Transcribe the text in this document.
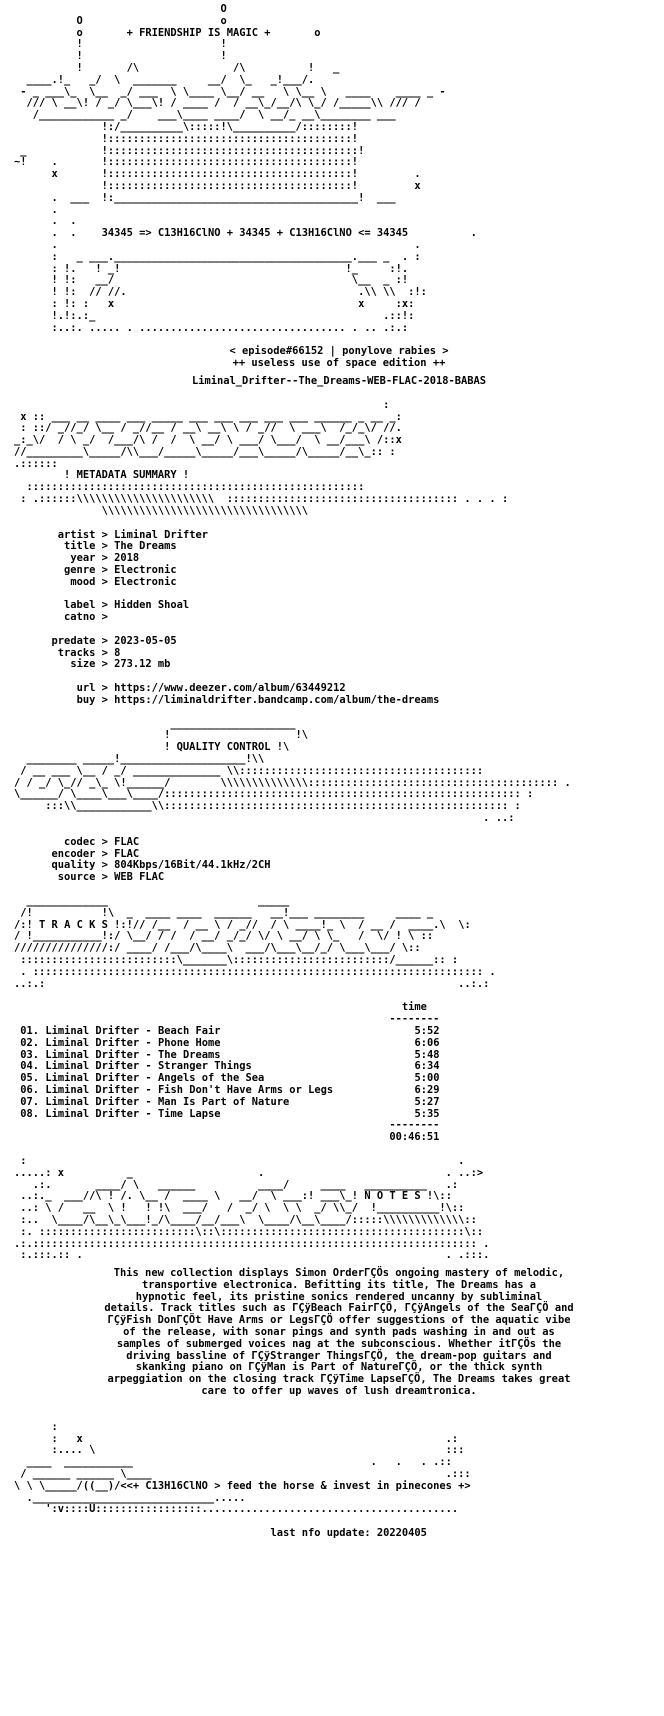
O
O                      o
o       + FRIENDSHIP IS MAGIC +       o
!                      !
!                      !
!       /\               /\          !   _
____.!_   _/  \  _______     __/  \_   _!___/.
- _ ___\_  \__  _/ ___  \ \____ \__/ __   \ \__ \   ____    ____ _ -
/// \ __\! / _/ \___\! / ____ /  / __\_/__/\ \_/ /_____\\ /// /
/____________ _/    ___\____ ____/  \ __/_ __\________ ___
!:/__________\:::::!\__________/::::::::!
!:::::::::::::::::::::::::::::::::::::::!
_            !::::::::::::::::::::::::::::::::::::::::!
~!    .       !:::::::::::::::::::::::::::::::::::::::!
x       !:::::::::::::::::::::::::::::::::::::::!         .
!:::::::::::::::::::::::::::::::::::::::!         x
.  ___  !:_______________________________________!  ___
.
.  .
.  .    34345 => C13H16ClNO + 34345 + C13H16ClNO <= 34345          .
.                                                         .
:   _ ___.______________________________________.___ _  . :
: !.   ! _!                                    !_     :!.
! !:   __/                                      \__  _ :!
! !:  // //.                                     .\\ \\  :!:
: !: :   x                                       x     :x:
!.!:.:_                                              .::!:
:..:. ..... . ................................. . .. .:.:
< episode#66152 | ponylove rabies >
++ useless use of space edition ++
Liminal_Drifter--The_Dreams-WEB-FLAC-2018-BABAS
:
x :: ___ __ ____ ___ _____ ___ ___ ___ ___ ___ ______ _ __ _:
: ::/ _//_/ \__ / _//__ / __\ __\ \ / _//  \ ___\  /_/_\/ //.
_:_\/  / \ _/  /___/\ /  /  \ __/ \ ___/ \___/  \ __/___\ /::x
//_________\_____/\\___/_____\_____/___\_____/\_____/__\_:: :
.::::::
! METADATA SUMMARY !
::::::::::::::::::::::::::::::::::::::::::::::::::::::
: .::::::\\\\\\\\\\\\\\\\\\\\\\  ::::::::::::::::::::::::::::::::::::: . . . :
\\\\\\\\\\\\\\\\\\\\\\\\\\\\\\\\\
artist > Liminal Drifter
title > The Dreams
year > 2018
genre > Electronic
mood > Electronic

label > Hidden Shoal
catno >

predate > 2023-05-05
tracks > 8
size > 273.12 mb

url > https://www.deezer.com/album/63449212
buy > https://liminaldrifter.bandcamp.com/album/the-dreams
____________________
!                    !\
! QUALITY CONTROL !\
________ _____!____________________!\\
/ __ ___ \__ / _/ ______________ \\:::::::::::::::::::::::::::::::::::::::
/ / _/ \_// _\_ \!______/        \\\\\\\\\\\\\\:::::::::::::::::::::::::::::::::::::::: .
\______/ \____\___\____/::::::::::::::::::::::::::::::::::::::::::::::::::::::::: :
:::\\____________\\::::::::::::::::::::::::::::::::::::::::::::::::::::::: :
. ..:
codec > FLAC
encoder > FLAC
quality > 804Kbps/16Bit/44.1kHz/2CH
source > WEB FLAC
_____________                        _____
/!           !\  _  ____ ____  ______   __!___ ________     ____ _
/:! T R A C K S !:!// /__  / __ \ / _//  / \ ____!_ \  / __ /  ____.\  \:
/ !___________!:/ \__/ / /  / __/ _/_/ \/ \ __/ \ \_   /  \/ ! \ ::
///////////////:/ ____/ /___/\____\  ___/\___\__/_/ \___\___/ \::
:::::::::::::::::::::::::\_______\:::::::::::::::::::::::::/______:: :
. :::::::::::::::::::::::::::::::::::::::::::::::::::::::::::::::::::::::: .
..:.:                                                                  ..:.:
time
--------
01. Liminal Drifter - Beach Fair	5:52
02. Liminal Drifter - Phone Home	6:06
03. Liminal Drifter - The Dreams	5:48
04. Liminal Drifter - Stranger Things	6:34
05. Liminal Drifter - Angels of the Sea	5:00
06. Liminal Drifter - Fish Don't Have Arms or Legs	6:29
07. Liminal Drifter - Man Is Part of Nature	5:27
08. Liminal Drifter - Time Lapse	5:35
--------
00:46:51
:                                                                     .
.....: x          _                    .                             . ..:>
.:.       ____/ \   ______          ____/     ____   __________   .:
..:._  ___//\ ! /. \__ /  ____ \   __/  \ ___:! ___\_! N O T E S !\::
..: \ /   __  \ !   ! !\  ___/   /  _/ \  \ \  _/ \\_/  !__________!\::
:..  \____/\__\_\___!_/\____/__/___\  \____/\__\____/:::::\\\\\\\\\\\\\::
:. :::::::::::::::::::::::::\::\:::::::::::::::::::::::::::::::::::::::\::
.:.::::::::::::::::::::::::::::::::::::::::::::::::::::::::::::::::::::::: .
:.:::.:: .                                                          . .:::.
This new collection displays Simon OrderΓÇÖs ongoing mastery of melodic,
transportive electronica. Befitting its title, The Dreams has a
hypnotic feel, its pristine sonics rendered uncanny by subliminal
details. Track titles such as ΓÇÿBeach FairΓÇÖ, ΓÇÿAngels of the SeaΓÇÖ and
ΓÇÿFish DonΓÇÖt Have Arms or LegsΓÇÖ offer suggestions of the aquatic vibe
of the release, with sonar pings and synth pads washing in and out as
samples of submerged voices nag at the subconscious. Whether itΓÇÖs the
driving bassline of ΓÇÿStranger ThingsΓÇÖ, the dream-pop guitars and
skanking piano on ΓÇÿMan is Part of NatureΓÇÖ, or the thick synth
arpeggiation on the closing track ΓÇÿTime LapseΓÇÖ, The Dreams takes great
care to offer up waves of lush dreamtronica.
:
:   x                                                          .:
:.... \                                                        :::
____  ___________                                      .   .   . .::
/ ______ ______ \____                                               .:::
\ \ \_____/((__)/<<+ C13H16ClNO > feed the horse & invest in pinecones +>
._____________________________.....
':v::::U:::::::::::::::::.........................................
last nfo update: 20220405
